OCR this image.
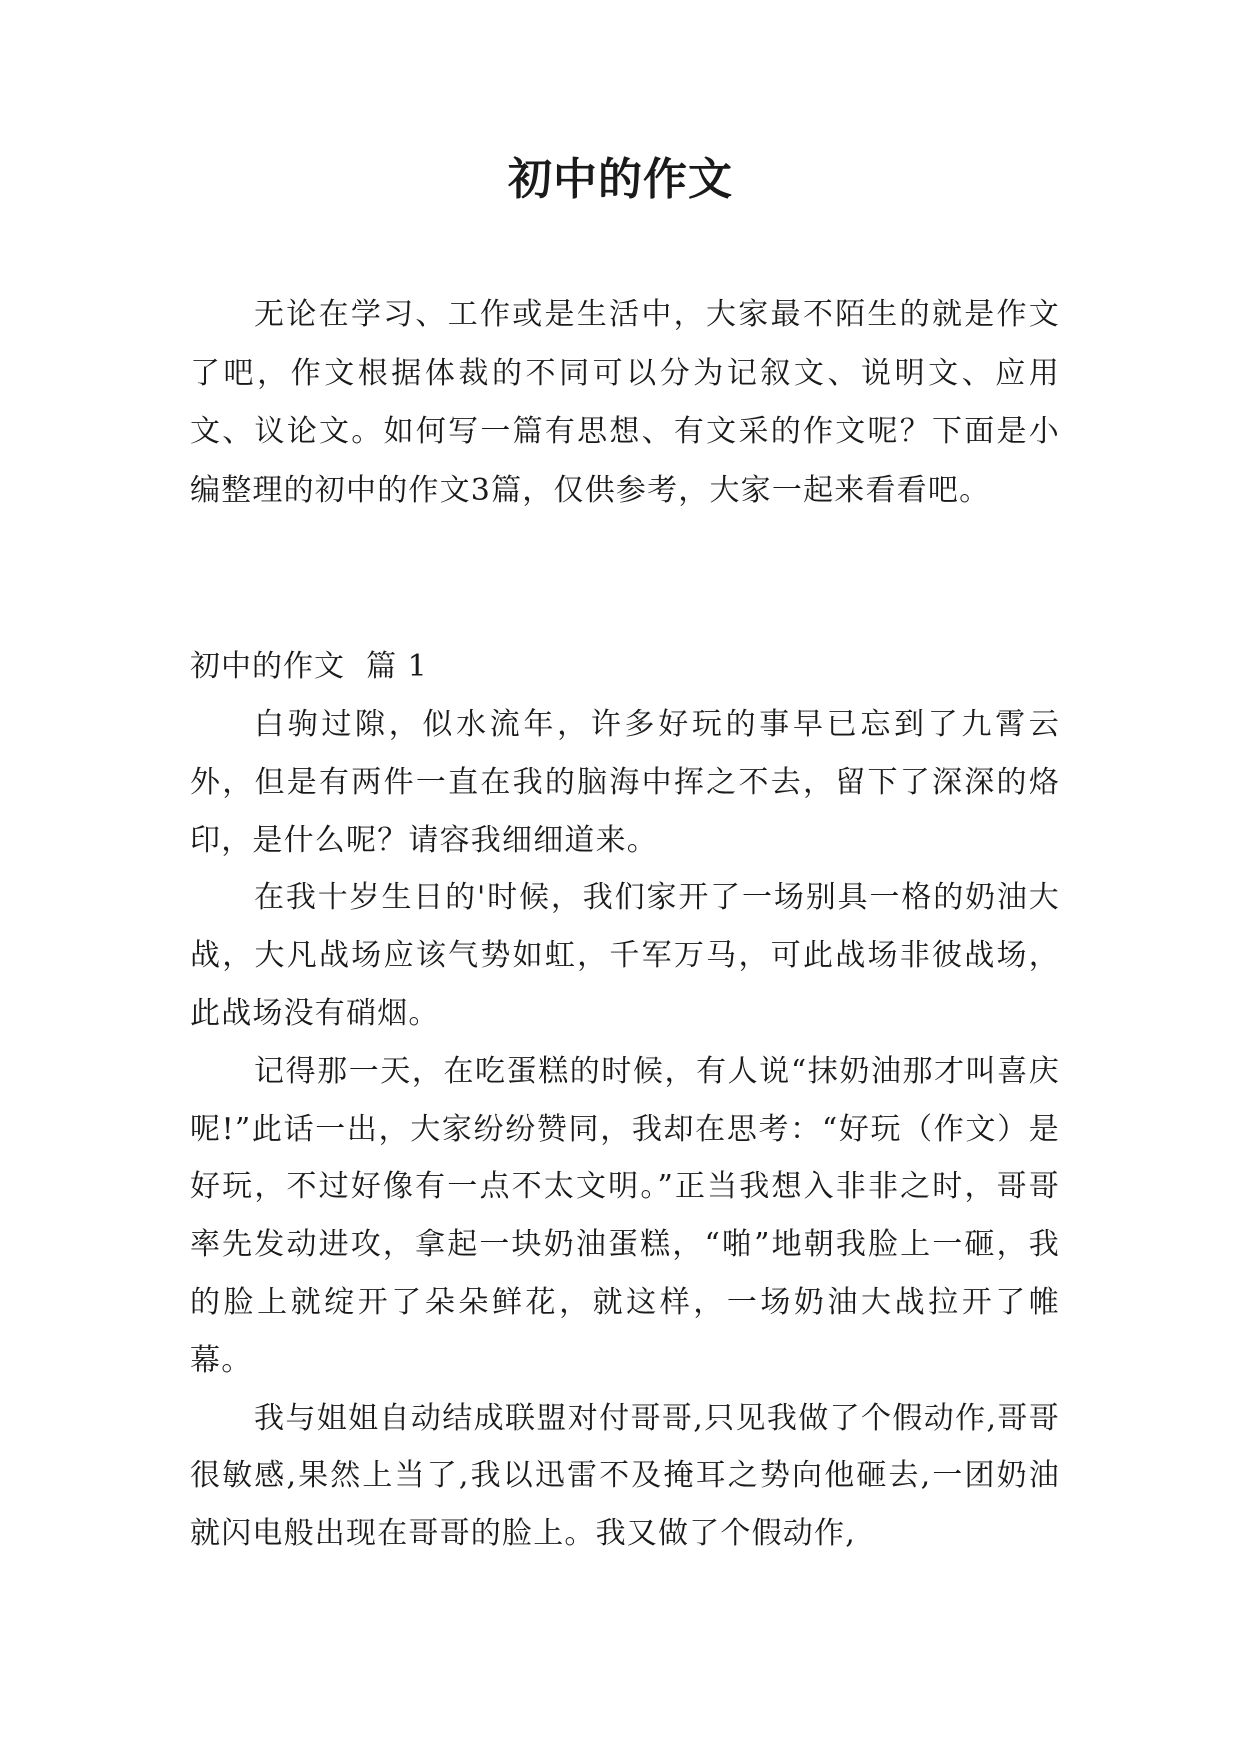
初中的作文

无论在学习、工作或是生活中，大家最不陌生的就是作文了吧，作文根据体裁的不同可以分为记叙文、说明文、应用文、议论文。如何写一篇有思想、有文采的作文呢？下面是小编整理的初中的作文3篇，仅供参考，大家一起来看看吧。

初中的作文  篇 1

白驹过隙，似水流年，许多好玩的事早已忘到了九霄云外，但是有两件一直在我的脑海中挥之不去，留下了深深的烙印，是什么呢？请容我细细道来。

在我十岁生日的'时候，我们家开了一场别具一格的奶油大战，大凡战场应该气势如虹，千军万马，可此战场非彼战场，此战场没有硝烟。

记得那一天，在吃蛋糕的时候，有人说“抹奶油那才叫喜庆呢!”此话一出，大家纷纷赞同，我却在思考：“好玩（作文）是好玩，不过好像有一点不太文明。”正当我想入非非之时，哥哥率先发动进攻，拿起一块奶油蛋糕，“啪”地朝我脸上一砸，我的脸上就绽开了朵朵鲜花，就这样，一场奶油大战拉开了帷幕。

我与姐姐自动结成联盟对付哥哥,只见我做了个假动作,哥哥很敏感,果然上当了,我以迅雷不及掩耳之势向他砸去,一团奶油就闪电般出现在哥哥的脸上。我又做了个假动作,
